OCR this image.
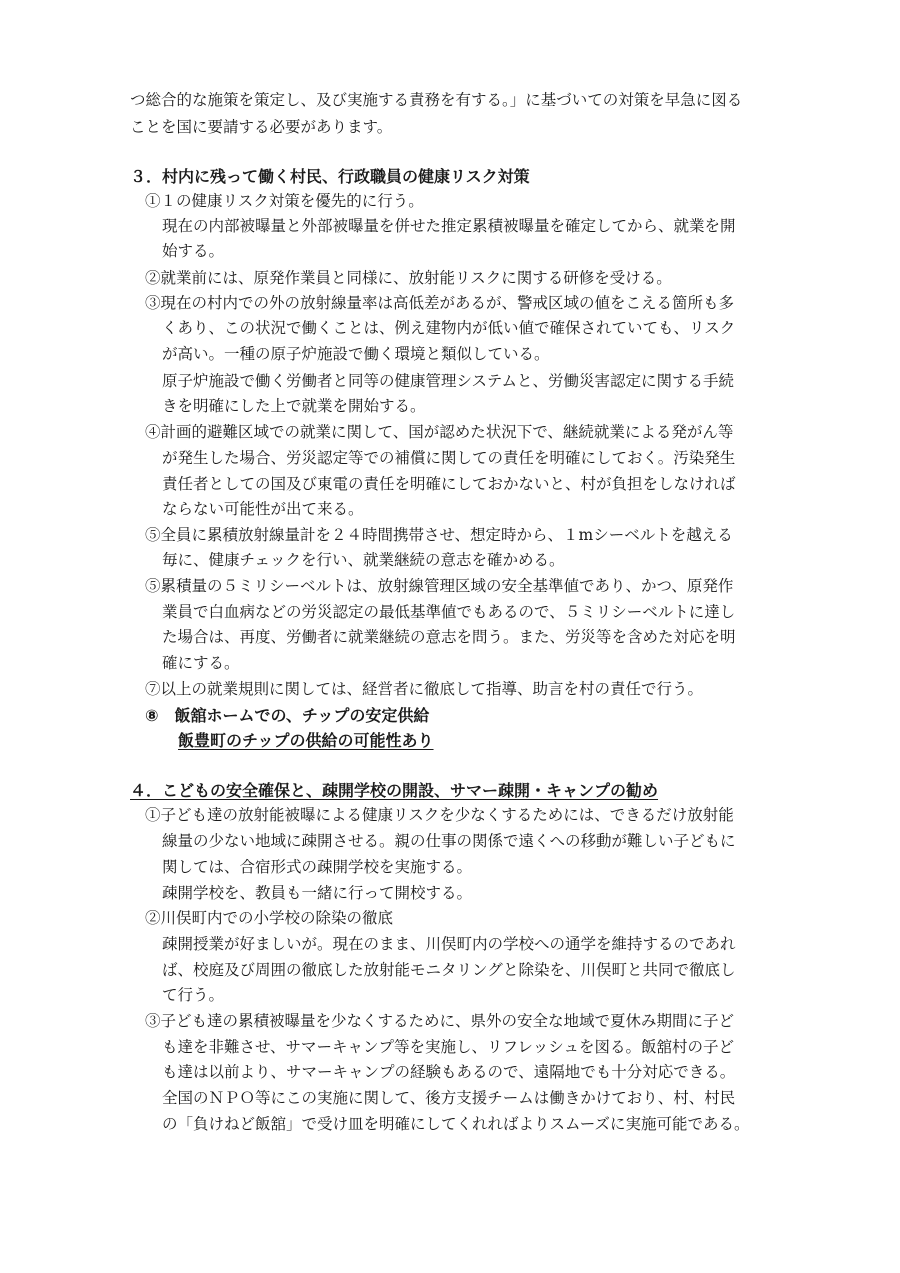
つ総合的な施策を策定し、及び実施する責務を有する。」に基づいての対策を早急に図る
ことを国に要請する必要があります。
３．村内に残って働く村民、行政職員の健康リスク対策
①１の健康リスク対策を優先的に行う。
現在の内部被曝量と外部被曝量を併せた推定累積被曝量を確定してから、就業を開
始する。
②就業前には、原発作業員と同様に、放射能リスクに関する研修を受ける。
③現在の村内での外の放射線量率は高低差があるが、警戒区域の値をこえる箇所も多
くあり、この状況で働くことは、例え建物内が低い値で確保されていても、リスク
が高い。一種の原子炉施設で働く環境と類似している。
原子炉施設で働く労働者と同等の健康管理システムと、労働災害認定に関する手続
きを明確にした上で就業を開始する。
④計画的避難区域での就業に関して、国が認めた状況下で、継続就業による発がん等
が発生した場合、労災認定等での補償に関しての責任を明確にしておく。汚染発生
責任者としての国及び東電の責任を明確にしておかないと、村が負担をしなければ
ならない可能性が出て来る。
⑤全員に累積放射線量計を２４時間携帯させ、想定時から、１mシーベルトを越える
毎に、健康チェックを行い、就業継続の意志を確かめる。
⑤累積量の５ミリシーベルトは、放射線管理区域の安全基準値であり、かつ、原発作
業員で白血病などの労災認定の最低基準値でもあるので、５ミリシーベルトに達し
た場合は、再度、労働者に就業継続の意志を問う。また、労災等を含めた対応を明
確にする。
⑦以上の就業規則に関しては、経営者に徹底して指導、助言を村の責任で行う。
⑧　飯舘ホームでの、チップの安定供給
飯豊町のチップの供給の可能性あり
４．こどもの安全確保と、疎開学校の開設、サマー疎開・キャンプの勧め
①子ども達の放射能被曝による健康リスクを少なくするためには、できるだけ放射能
線量の少ない地域に疎開させる。親の仕事の関係で遠くへの移動が難しい子どもに
関しては、合宿形式の疎開学校を実施する。
疎開学校を、教員も一緒に行って開校する。
②川俣町内での小学校の除染の徹底
疎開授業が好ましいが。現在のまま、川俣町内の学校への通学を維持するのであれ
ば、校庭及び周囲の徹底した放射能モニタリングと除染を、川俣町と共同で徹底し
て行う。
③子ども達の累積被曝量を少なくするために、県外の安全な地域で夏休み期間に子ど
も達を非難させ、サマーキャンプ等を実施し、リフレッシュを図る。飯舘村の子ど
も達は以前より、サマーキャンプの経験もあるので、遠隔地でも十分対応できる。
全国のＮＰＯ等にこの実施に関して、後方支援チームは働きかけており、村、村民
の「負けねど飯舘」で受け皿を明確にしてくれればよりスムーズに実施可能である。
